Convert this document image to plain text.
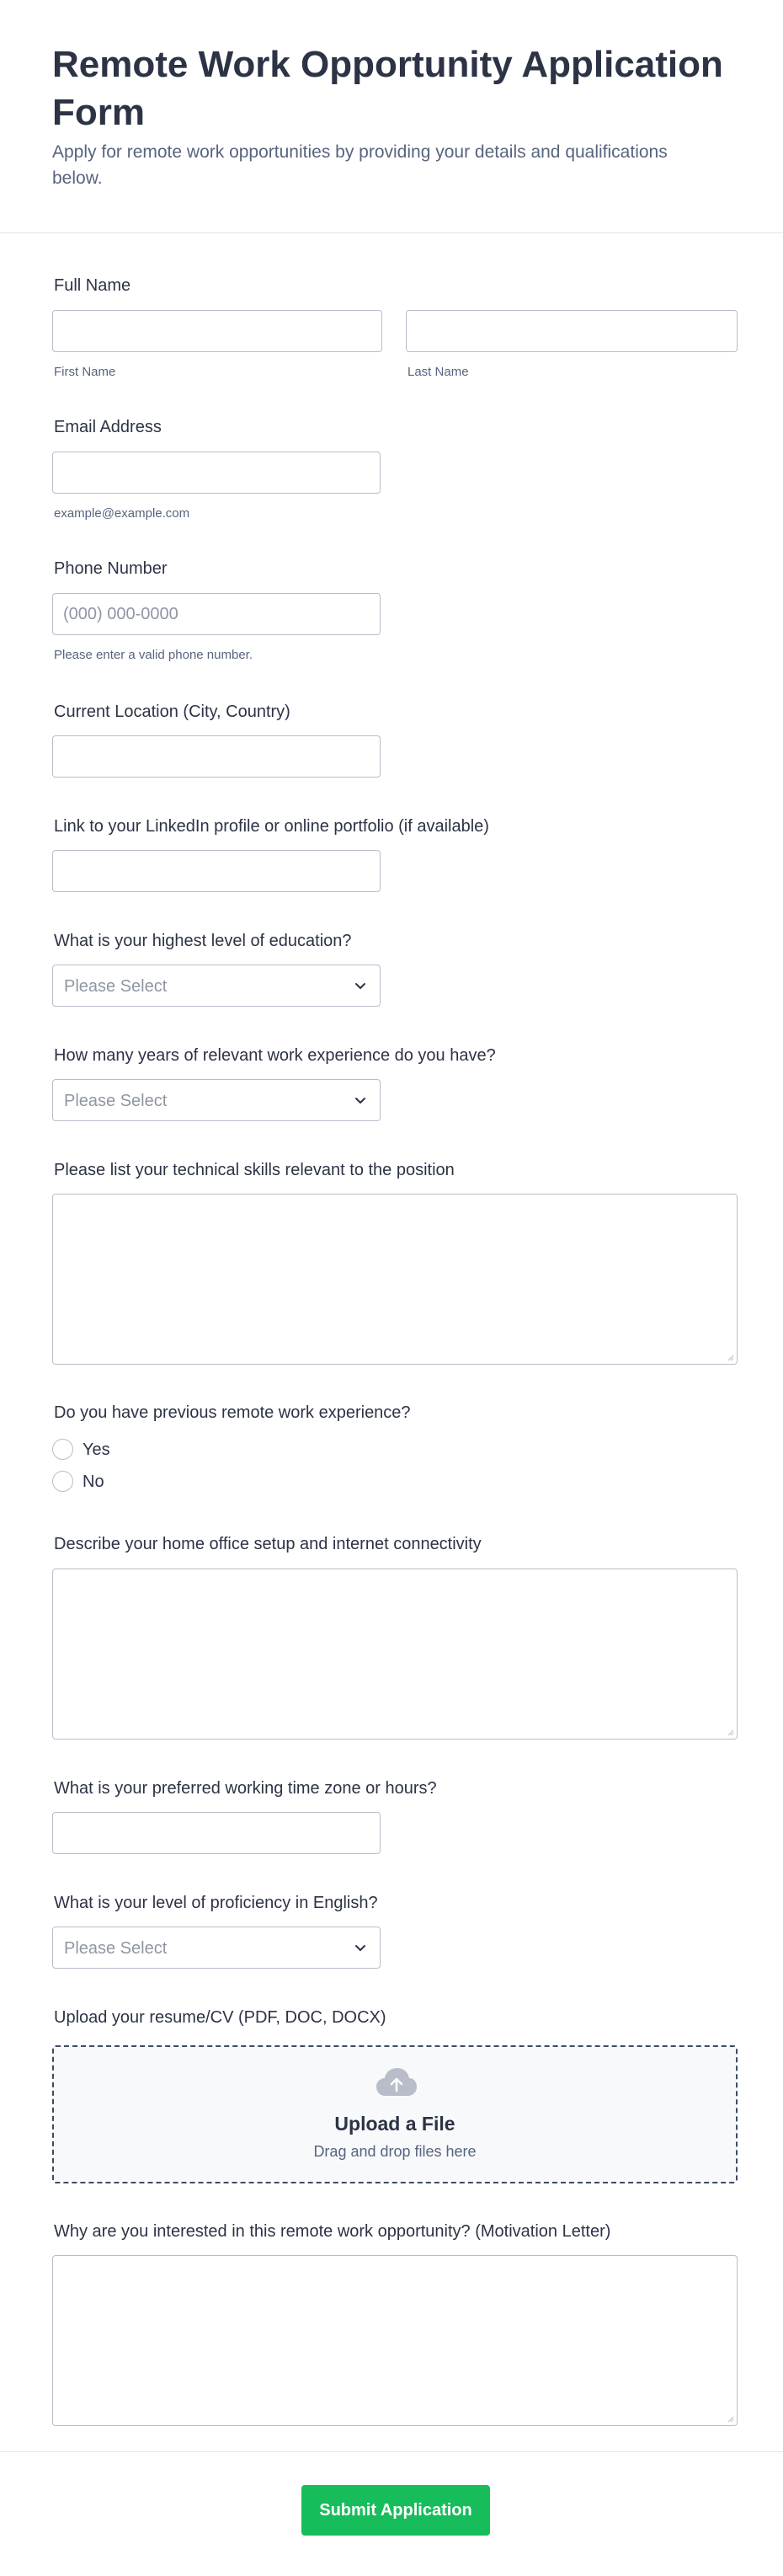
Remote Work Opportunity Application Form
Apply for remote work opportunities by providing your details and qualifications below.
Full Name
First Name	Last Name
Email Address
example@example.com
Phone Number
(000) 000-0000
Please enter a valid phone number.
Current Location (City, Country)
Link to your LinkedIn profile or online portfolio (if available)
What is your highest level of education?
Please Select
How many years of relevant work experience do you have?
Please Select
Please list your technical skills relevant to the position
Do you have previous remote work experience?
Yes
No
Describe your home office setup and internet connectivity
What is your preferred working time zone or hours?
What is your level of proficiency in English?
Please Select
Upload your resume/CV (PDF, DOC, DOCX)
Upload a File
Drag and drop files here
Why are you interested in this remote work opportunity? (Motivation Letter)
Submit Application
